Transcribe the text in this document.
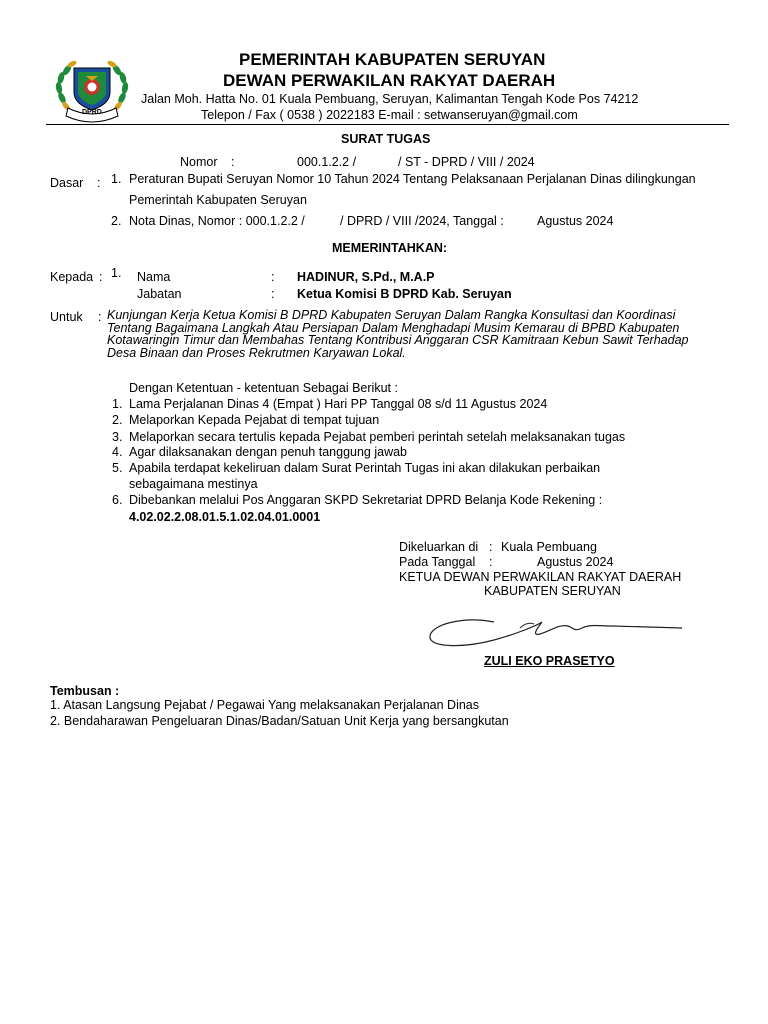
DPRD
PEMERINTAH KABUPATEN SERUYAN
DEWAN PERWAKILAN RAKYAT DAERAH
Jalan Moh. Hatta No. 01 Kuala Pembuang, Seruyan, Kalimantan Tengah Kode Pos 74212
Telepon / Fax ( 0538 ) 2022183 E-mail : setwanseruyan@gmail.com
SURAT TUGAS
Nomor :	000.1.2.2 /	/ ST - DPRD / VIII / 2024
Dasar : 1. Peraturan Bupati Seruyan Nomor 10 Tahun 2024 Tentang Pelaksanaan Perjalanan Dinas dilingkungan
Pemerintah Kabupaten Seruyan
2. Nota Dinas, Nomor : 000.1.2.2 /	/ DPRD / VIII /2024, Tanggal :	Agustus 2024
MEMERINTAHKAN:
Kepada : 1. Nama	: HADINUR, S.Pd., M.A.P
Jabatan	: Ketua Komisi B DPRD Kab. Seruyan
Untuk : Kunjungan Kerja Ketua Komisi B DPRD Kabupaten Seruyan Dalam Rangka Konsultasi dan Koordinasi Tentang Bagaimana Langkah Atau Persiapan Dalam Menghadapi Musim Kemarau di BPBD Kabupaten Kotawaringin Timur dan Membahas Tentang Kontribusi Anggaran CSR Kamitraan Kebun Sawit Terhadap Desa Binaan dan Proses Rekrutmen Karyawan Lokal.
Dengan Ketentuan - ketentuan Sebagai Berikut :
1. Lama Perjalanan Dinas 4 (Empat ) Hari PP Tanggal 08 s/d 11 Agustus 2024
2. Melaporkan Kepada Pejabat di tempat tujuan
3. Melaporkan secara tertulis kepada Pejabat pemberi perintah setelah melaksanakan tugas
4. Agar dilaksanakan dengan penuh tanggung jawab
5. Apabila terdapat kekeliruan dalam Surat Perintah Tugas ini akan dilakukan perbaikan
sebagaimana mestinya
6. Dibebankan melalui Pos Anggaran SKPD Sekretariat DPRD Belanja Kode Rekening :
4.02.02.2.08.01.5.1.02.04.01.0001
Dikeluarkan di : Kuala Pembuang
Pada Tanggal :	Agustus 2024
KETUA DEWAN PERWAKILAN RAKYAT DAERAH
KABUPATEN SERUYAN
ZULI EKO PRASETYO
Tembusan :
1. Atasan Langsung Pejabat / Pegawai Yang melaksanakan Perjalanan Dinas
2. Bendaharawan Pengeluaran Dinas/Badan/Satuan Unit Kerja yang bersangkutan
